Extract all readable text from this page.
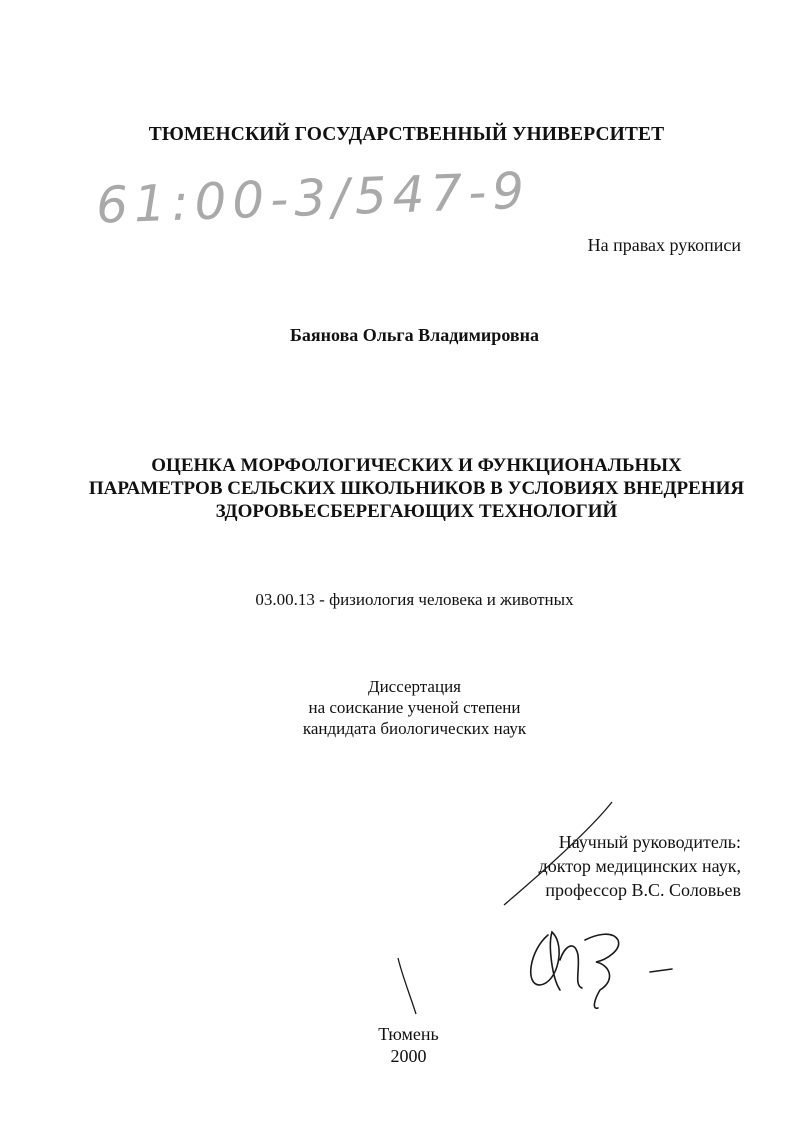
ТЮМЕНСКИЙ ГОСУДАРСТВЕННЫЙ УНИВЕРСИТЕТ
61:00-3/547-9
На правах рукописи
Баянова Ольга Владимировна
ОЦЕНКА МОРФОЛОГИЧЕСКИХ И ФУНКЦИОНАЛЬНЫХ
ПАРАМЕТРОВ СЕЛЬСКИХ ШКОЛЬНИКОВ В УСЛОВИЯХ ВНЕДРЕНИЯ
ЗДОРОВЬЕСБЕРЕГАЮЩИХ ТЕХНОЛОГИЙ
03.00.13 - физиология человека и животных
Диссертация
на соискание ученой степени
кандидата биологических наук
Научный руководитель:
доктор медицинских наук,
профессор В.С. Соловьев
Тюмень
2000
